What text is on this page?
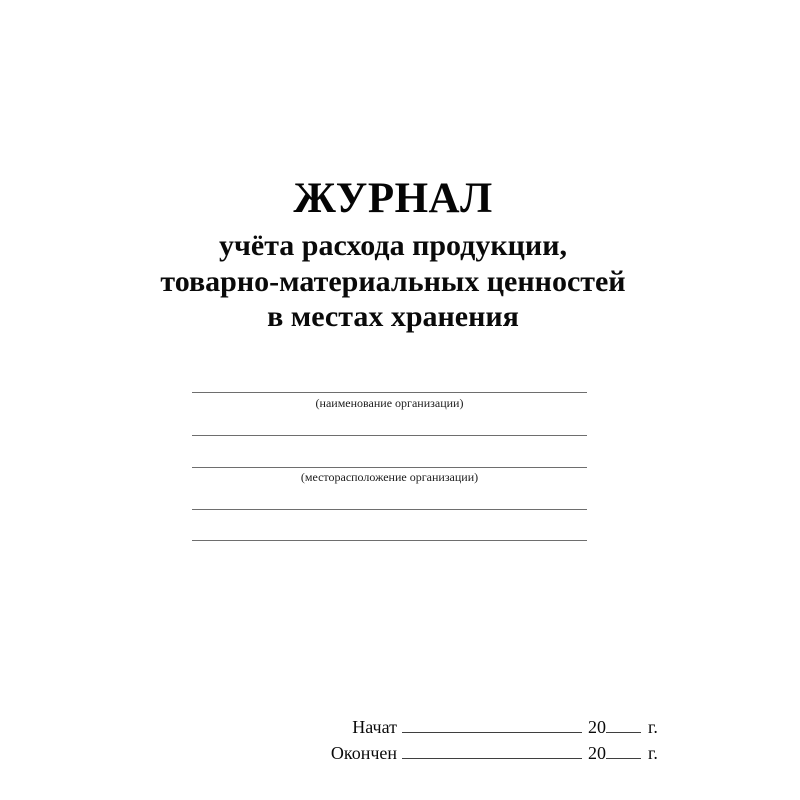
ЖУРНАЛ
учёта расхода продукции,
товарно-материальных ценностей
в местах хранения
(наименование организации)
(месторасположение организации)
Начат	20 г.
Окончен	20 г.
